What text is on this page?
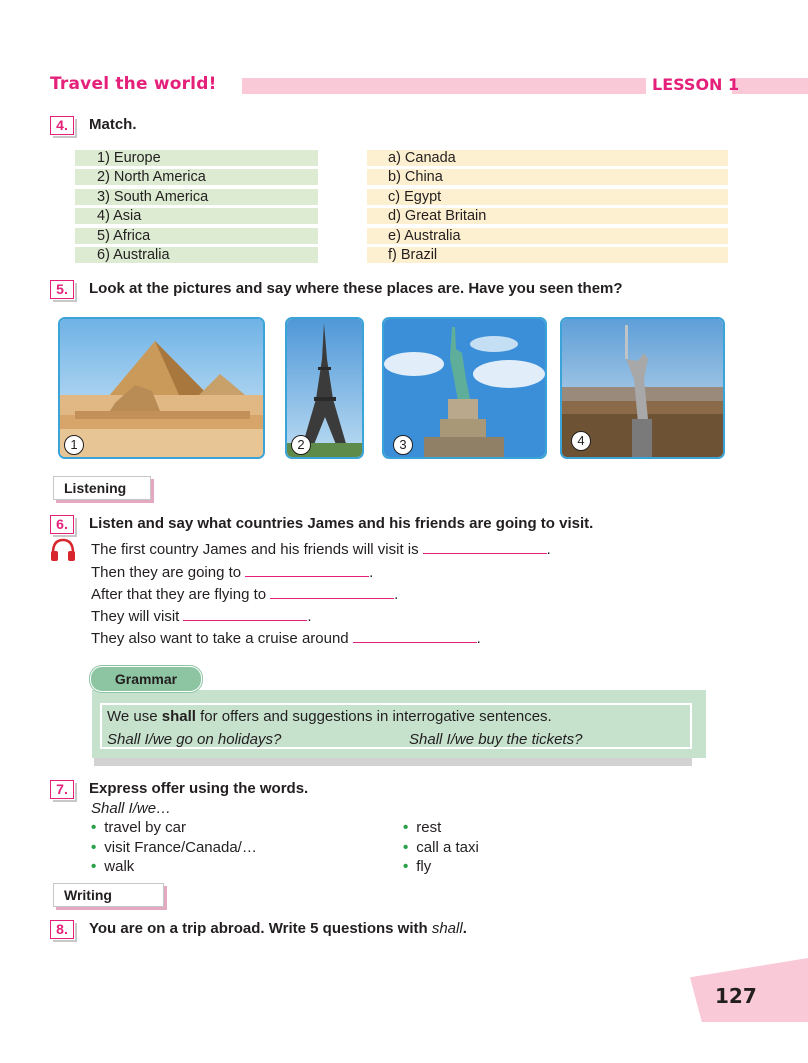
Travel the world!	LESSON 1
4.	Match.
1) Europe
2) North America
3) South America
4) Asia
5) Africa
6) Australia
a) Canada
b) China
c) Egypt
d) Great Britain
e) Australia
f) Brazil
5.	Look at the pictures and say where these places are. Have you seen them?
1	2	3	4
Listening
6.	Listen and say what countries James and his friends are going to visit.
The first country James and his friends will visit is	.
Then they are going to	.
After that they are flying to	.
They will visit	.
They also want to take a cruise around	.
Grammar
We use shall for offers and suggestions in interrogative sentences.
Shall I/we go on holidays?	Shall I/we buy the tickets?
7.	Express offer using the words.
Shall I/we…
• travel by car
• visit France/Canada/…
• walk
• rest
• call a taxi
• fly
Writing
8.	You are on a trip abroad. Write 5 questions with shall.
127
